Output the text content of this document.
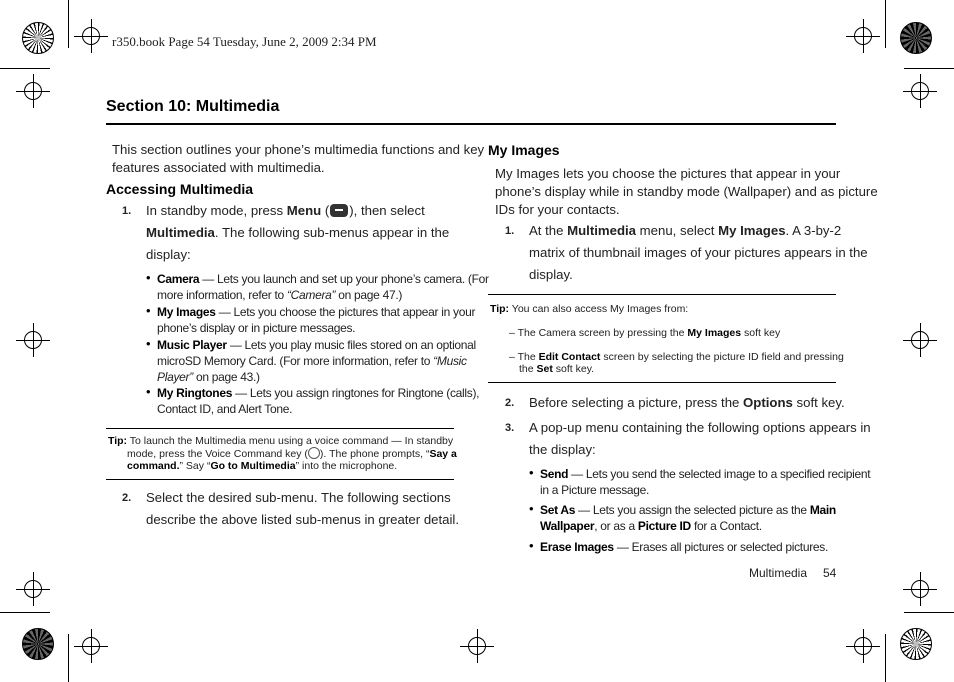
r350.book Page 54 Tuesday, June 2, 2009 2:34 PM
Section 10: Multimedia
This section outlines your phone’s multimedia functions and key
features associated with multimedia.
Accessing Multimedia
1. In standby mode, press Menu ( ), then select
Multimedia. The following sub-menus appear in the
display:
• Camera — Lets you launch and set up your phone’s camera. (For
more information, refer to “Camera” on page 47.)
• My Images — Lets you choose the pictures that appear in your
phone’s display or in picture messages.
• Music Player — Lets you play music files stored on an optional
microSD Memory Card. (For more information, refer to “Music
Player” on page 43.)
• My Ringtones — Lets you assign ringtones for Ringtone (calls),
Contact ID, and Alert Tone.
Tip: To launch the Multimedia menu using a voice command — In standby
mode, press the Voice Command key ( ). The phone prompts, “Say a
command.” Say “Go to Multimedia” into the microphone.
2. Select the desired sub-menu. The following sections
describe the above listed sub-menus in greater detail.
My Images
My Images lets you choose the pictures that appear in your
phone’s display while in standby mode (Wallpaper) and as picture
IDs for your contacts.
1. At the Multimedia menu, select My Images. A 3-by-2
matrix of thumbnail images of your pictures appears in the
display.
Tip: You can also access My Images from:
– The Camera screen by pressing the My Images soft key
– The Edit Contact screen by selecting the picture ID field and pressing
the Set soft key.
2. Before selecting a picture, press the Options soft key.
3. A pop-up menu containing the following options appears in
the display:
• Send — Lets you send the selected image to a specified recipient
in a Picture message.
• Set As — Lets you assign the selected picture as the Main
Wallpaper, or as a Picture ID for a Contact.
• Erase Images — Erases all pictures or selected pictures.
Multimedia 54
